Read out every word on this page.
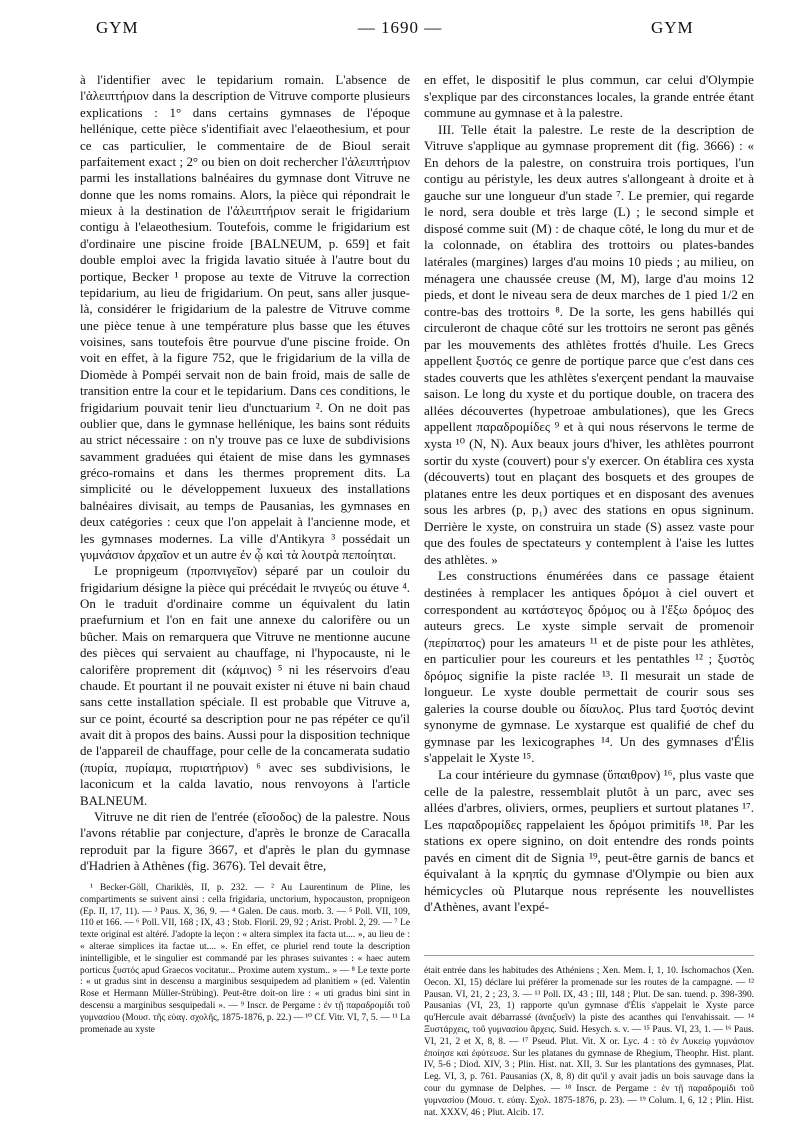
GYM	— 1690 —	GYM

à l'identifier avec le tepidarium romain. L'absence de l'ἀλειπτήριον dans la description de Vitruve comporte plusieurs explications : 1° dans certains gymnases de l'époque hellénique, cette pièce s'identifiait avec l'elaeothesium, et pour ce cas particulier, le commentaire de de Bioul serait parfaitement exact ; 2° ou bien on doit rechercher l'ἀλειπτήριον parmi les installations balnéaires du gymnase dont Vitruve ne donne que les noms romains. Alors, la pièce qui répondrait le mieux à la destination de l'ἀλειπτήριον serait le frigidarium contigu à l'elaeothesium. Toutefois, comme le frigidarium est d'ordinaire une piscine froide [BALNEUM, p. 659] et fait double emploi avec la frigida lavatio située à l'autre bout du portique, Becker ¹ propose au texte de Vitruve la correction tepidarium, au lieu de frigidarium. On peut, sans aller jusque-là, considérer le frigidarium de la palestre de Vitruve comme une pièce tenue à une température plus basse que les étuves voisines, sans toutefois être pourvue d'une piscine froide. On voit en effet, à la figure 752, que le frigidarium de la villa de Diomède à Pompéi servait non de bain froid, mais de salle de transition entre la cour et le tepidarium. Dans ces conditions, le frigidarium pouvait tenir lieu d'unctuarium ². On ne doit pas oublier que, dans le gymnase hellénique, les bains sont réduits au strict nécessaire : on n'y trouve pas ce luxe de subdivisions savamment graduées qui étaient de mise dans les gymnases gréco-romains et dans les thermes proprement dits. La simplicité ou le développement luxueux des installations balnéaires divisait, au temps de Pausanias, les gymnases en deux catégories : ceux que l'on appelait à l'ancienne mode, et les gymnases modernes. La ville d'Antikyra ³ possédait un γυμνάσιον ἀρχαῖον et un autre ἐν ᾧ καὶ τὰ λουτρὰ πεποίηται.

Le propnigeum (προπνιγεῖον) séparé par un couloir du frigidarium désigne la pièce qui précédait le πνιγεύς ou étuve ⁴. On le traduit d'ordinaire comme un équivalent du latin praefurnium et l'on en fait une annexe du calorifère ou un bûcher. Mais on remarquera que Vitruve ne mentionne aucune des pièces qui servaient au chauffage, ni l'hypocauste, ni le calorifère proprement dit (κάμινος) ⁵ ni les réservoirs d'eau chaude. Et pourtant il ne pouvait exister ni étuve ni bain chaud sans cette installation spéciale. Il est probable que Vitruve a, sur ce point, écourté sa description pour ne pas répéter ce qu'il avait dit à propos des bains. Aussi pour la disposition technique de l'appareil de chauffage, pour celle de la concamerata sudatio (πυρία, πυρίαμα, πυριατήριον) ⁶ avec ses subdivisions, le laconicum et la calda lavatio, nous renvoyons à l'article BALNEUM.

Vitruve ne dit rien de l'entrée (εἴσοδος) de la palestre. Nous l'avons rétablie par conjecture, d'après le bronze de Caracalla reproduit par la figure 3667, et d'après le plan du gymnase d'Hadrien à Athènes (fig. 3676). Tel devait être,

en effet, le dispositif le plus commun, car celui d'Olympie s'explique par des circonstances locales, la grande entrée étant commune au gymnase et à la palestre.

III. Telle était la palestre. Le reste de la description de Vitruve s'applique au gymnase proprement dit (fig. 3666) : « En dehors de la palestre, on construira trois portiques, l'un contigu au péristyle, les deux autres s'allongeant à droite et à gauche sur une longueur d'un stade ⁷. Le premier, qui regarde le nord, sera double et très large (L) ; le second simple et disposé comme suit (M) : de chaque côté, le long du mur et de la colonnade, on établira des trottoirs ou plates-bandes latérales (margines) larges d'au moins 10 pieds ; au milieu, on ménagera une chaussée creuse (M, M), large d'au moins 12 pieds, et dont le niveau sera de deux marches de 1 pied 1/2 en contre-bas des trottoirs ⁸. De la sorte, les gens habillés qui circuleront de chaque côté sur les trottoirs ne seront pas gênés par les mouvements des athlètes frottés d'huile. Les Grecs appellent ξυστός ce genre de portique parce que c'est dans ces stades couverts que les athlètes s'exerçent pendant la mauvaise saison. Le long du xyste et du portique double, on tracera des allées découvertes (hypetroae ambulationes), que les Grecs appellent παραδρομίδες ⁹ et à qui nous réservons le terme de xysta ¹⁰ (N, N). Aux beaux jours d'hiver, les athlètes pourront sortir du xyste (couvert) pour s'y exercer. On établira ces xysta (découverts) tout en plaçant des bosquets et des groupes de platanes entre les deux portiques et en disposant des avenues sous les arbres (p, p₁) avec des stations en opus signinum. Derrière le xyste, on construira un stade (S) assez vaste pour que des foules de spectateurs y contemplent à l'aise les luttes des athlètes. »

Les constructions énumérées dans ce passage étaient destinées à remplacer les antiques δρόμοι à ciel ouvert et correspondent au κατάστεγος δρόμος ou à l'ἔξω δρόμος des auteurs grecs. Le xyste simple servait de promenoir (περίπατος) pour les amateurs ¹¹ et de piste pour les athlètes, en particulier pour les coureurs et les pentathles ¹² ; ξυστὸς δρόμος signifie la piste raclée ¹³. Il mesurait un stade de longueur. Le xyste double permettait de courir sous ses galeries la course double ou δίαυλος. Plus tard ξυστός devint synonyme de gymnase. Le xystarque est qualifié de chef du gymnase par les lexicographes ¹⁴. Un des gymnases d'Élis s'appelait le Xyste ¹⁵.

La cour intérieure du gymnase (ὕπαιθρον) ¹⁶, plus vaste que celle de la palestre, ressemblait plutôt à un parc, avec ses allées d'arbres, oliviers, ormes, peupliers et surtout platanes ¹⁷. Les παραδρομίδες rappelaient les δρόμοι primitifs ¹⁸. Par les stations ex opere signino, on doit entendre des ronds points pavés en ciment dit de Signia ¹⁹, peut-être garnis de bancs et équivalant à la κρηπίς du gymnase d'Olympie ou bien aux hémicycles où Plutarque nous représente les nouvellistes d'Athènes, avant l'expé-

¹ Becker-Göll, Chariklès, II, p. 232. — ² Au Laurentinum de Pline, les compartiments se suivent ainsi : cella frigidaria, unctorium, hypocauston, propnigeon (Ep. II, 17, 11). — ³ Paus. X, 36, 9. — ⁴ Galen. De caus. morb. 3. — ⁵ Poll. VII, 109, 110 et 166. — ⁶ Poll. VII, 168 ; IX, 43 ; Stob. Floril. 29, 92 ; Arist. Probl. 2, 29. — ⁷ Le texte original est altéré. J'adopte la leçon : « altera simplex ita facta ut.... », au lieu de : « alterae simplices ita factae ut.... ». En effet, ce pluriel rend toute la description inintelligible, et le singulier est commandé par les phrases suivantes : « haec autem porticus ξυστός apud Graecos vocitatur... Proxime autem xystum.. » — ⁸ Le texte porte : « ut gradus sint in descensu a marginibus sesquipedem ad planitiem » (ed. Valentin Rose et Hermann Müller-Strübing). Peut-être doit-on lire : « uti gradus bini sint in descensu a marginibus sesquipedali ». — ⁹ Inscr. de Pergame : ἐν τῇ παραδρομίδι τοῦ γυμνασίου (Μουσ. τῆς εὐαγ. σχολῆς, 1875-1876, p. 22.) — ¹⁰ Cf. Vitr. VI, 7, 5. — ¹¹ La promenade au xyste

était entrée dans les habitudes des Athéniens ; Xen. Mem. I, 1, 10. Ischomachos (Xen. Oecon. XI, 15) déclare lui préférer la promenade sur les routes de la campagne. — ¹² Pausan. VI, 21, 2 ; 23, 3. — ¹³ Poll. IX, 43 ; III, 148 ; Plut. De san. tuend. p. 398-390. Pausanias (VI, 23, 1) rapporte qu'un gymnase d'Élis s'appelait le Xyste parce qu'Hercule avait débarrassé (ἀναξυεῖν) la piste des acanthes qui l'envahissait. — ¹⁴ Ξυστάρχεις, τοῦ γυμνασίου ἄρχεις. Suid. Hesych. s. v. — ¹⁵ Paus. VI, 23, 1. — ¹⁶ Paus. VI, 21, 2 et X, 8, 8. — ¹⁷ Pseud. Plut. Vit. X or. Lyc. 4 : τὸ ἐν Λυκείῳ γυμνάσιον ἐποίησε καὶ ἐφύτευσε. Sur les platanes du gymnase de Rhegium, Theophr. Hist. plant. IV, 5-6 ; Diod. XIV, 3 ; Plin. Hist. nat. XII, 3. Sur les plantations des gymnases, Plat. Leg. VI, 3, p. 761. Pausanias (X, 8, 8) dit qu'il y avait jadis un bois sauvage dans la cour du gymnase de Delphes. — ¹⁸ Inscr. de Pergame : ἐν τῇ παραδρομίδι τοῦ γυμνασίου (Μουσ. τ. εὐαγ. Σχολ. 1875-1876, p. 23). — ¹⁹ Colum. I, 6, 12 ; Plin. Hist. nat. XXXV, 46 ; Plut. Alcib. 17.
